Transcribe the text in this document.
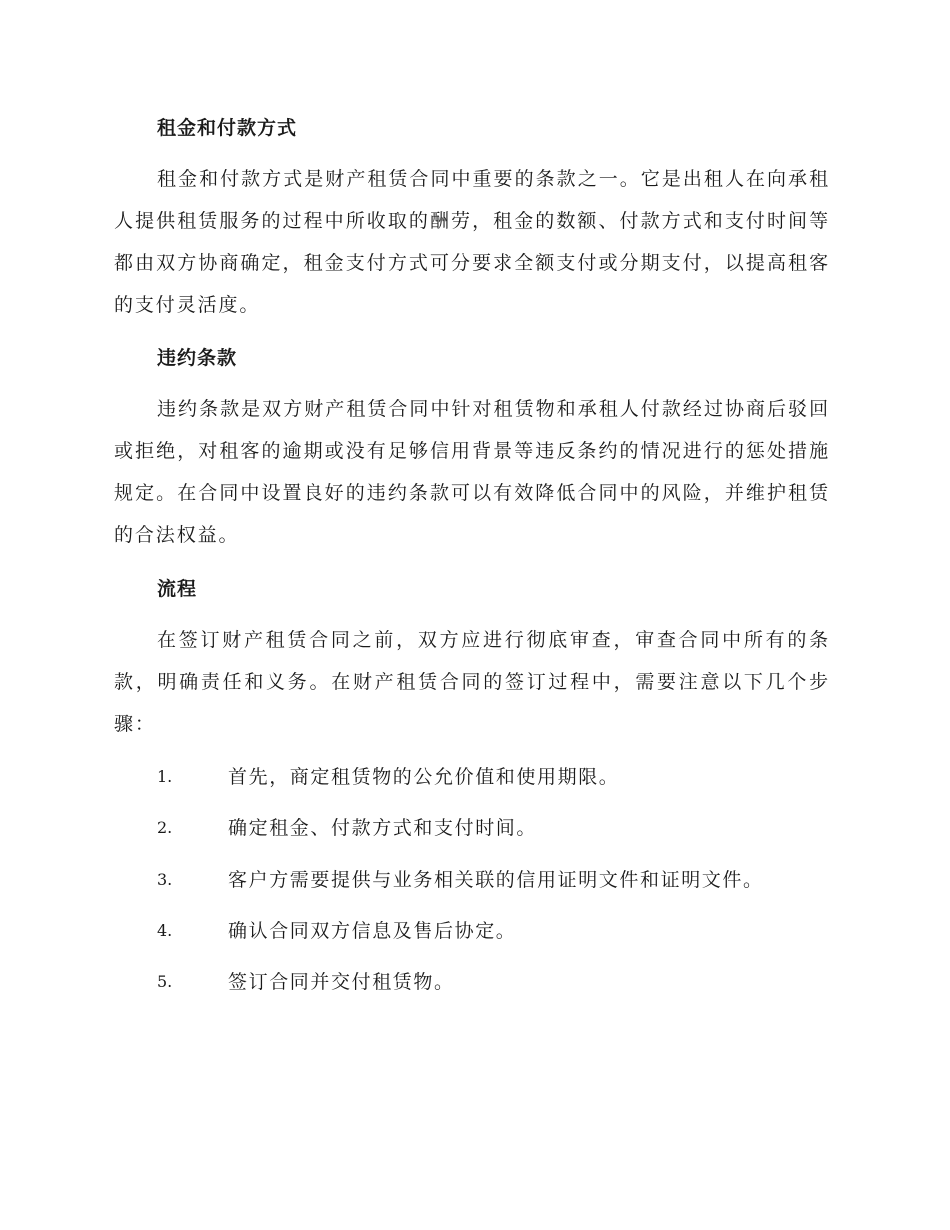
租金和付款方式

租金和付款方式是财产租赁合同中重要的条款之一。它是出租人在向承租人提供租赁服务的过程中所收取的酬劳，租金的数额、付款方式和支付时间等都由双方协商确定，租金支付方式可分要求全额支付或分期支付，以提高租客的支付灵活度。

违约条款

违约条款是双方财产租赁合同中针对租赁物和承租人付款经过协商后驳回或拒绝，对租客的逾期或没有足够信用背景等违反条约的情况进行的惩处措施规定。在合同中设置良好的违约条款可以有效降低合同中的风险，并维护租赁的合法权益。

流程

在签订财产租赁合同之前，双方应进行彻底审查，审查合同中所有的条款，明确责任和义务。在财产租赁合同的签订过程中，需要注意以下几个步骤：

1.	首先，商定租赁物的公允价值和使用期限。
2.	确定租金、付款方式和支付时间。
3.	客户方需要提供与业务相关联的信用证明文件和证明文件。
4.	确认合同双方信息及售后协定。
5.	签订合同并交付租赁物。
